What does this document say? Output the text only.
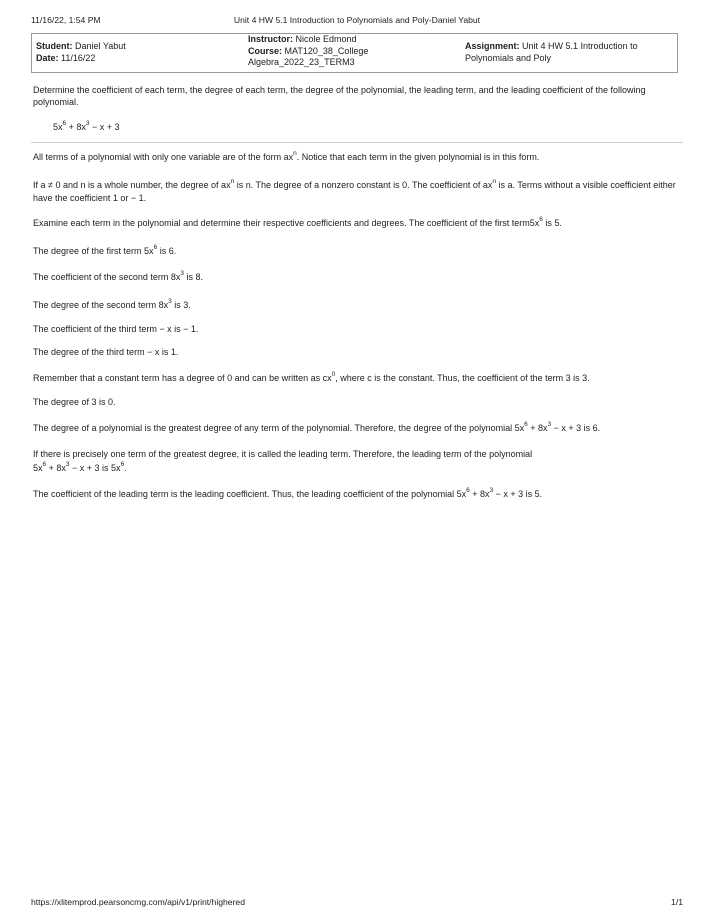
11/16/22, 1:54 PM	Unit 4 HW 5.1 Introduction to Polynomials and Poly-Daniel Yabut
Student: Daniel Yabut
Date: 11/16/22
Instructor: Nicole Edmond
Course: MAT120_38_College
Algebra_2022_23_TERM3
Assignment: Unit 4 HW 5.1 Introduction to
Polynomials and Poly
Determine the coefficient of each term, the degree of each term, the degree of the polynomial, the leading term, and the leading coefficient of the following polynomial.
$5x^6 + 8x^3 - x + 3$
All terms of a polynomial with only one variable are of the form $ax^n$. Notice that each term in the given polynomial is in this form.
If a ≠ 0 and n is a whole number, the degree of $ax^n$ is n. The degree of a nonzero constant is 0. The coefficient of $ax^n$ is a. Terms without a visible coefficient either have the coefficient 1 or − 1.
Examine each term in the polynomial and determine their respective coefficients and degrees. The coefficient of the first $term5x^6$ is 5.
The degree of the first term $5x^6$ is 6.
The coefficient of the second term $8x^3$ is 8.
The degree of the second term $8x^3$ is 3.
The coefficient of the third term − x is − 1.
The degree of the third term − x is 1.
Remember that a constant term has a degree of 0 and can be written as $cx^0$, where c is the constant. Thus, the coefficient of the term 3 is 3.
The degree of 3 is 0.
The degree of a polynomial is the greatest degree of any term of the polynomial. Therefore, the degree of the polynomial $5x^6 + 8x^3 - x + 3$ is 6.
If there is precisely one term of the greatest degree, it is called the leading term. Therefore, the leading term of the polynomial
$5x^6 + 8x^3 - x + 3$ is $5x^6$.
The coefficient of the leading term is the leading coefficient. Thus, the leading coefficient of the polynomial $5x^6 + 8x^3 - x + 3$ is 5.
https://xlitemprod.pearsoncmg.com/api/v1/print/highered	1/1
